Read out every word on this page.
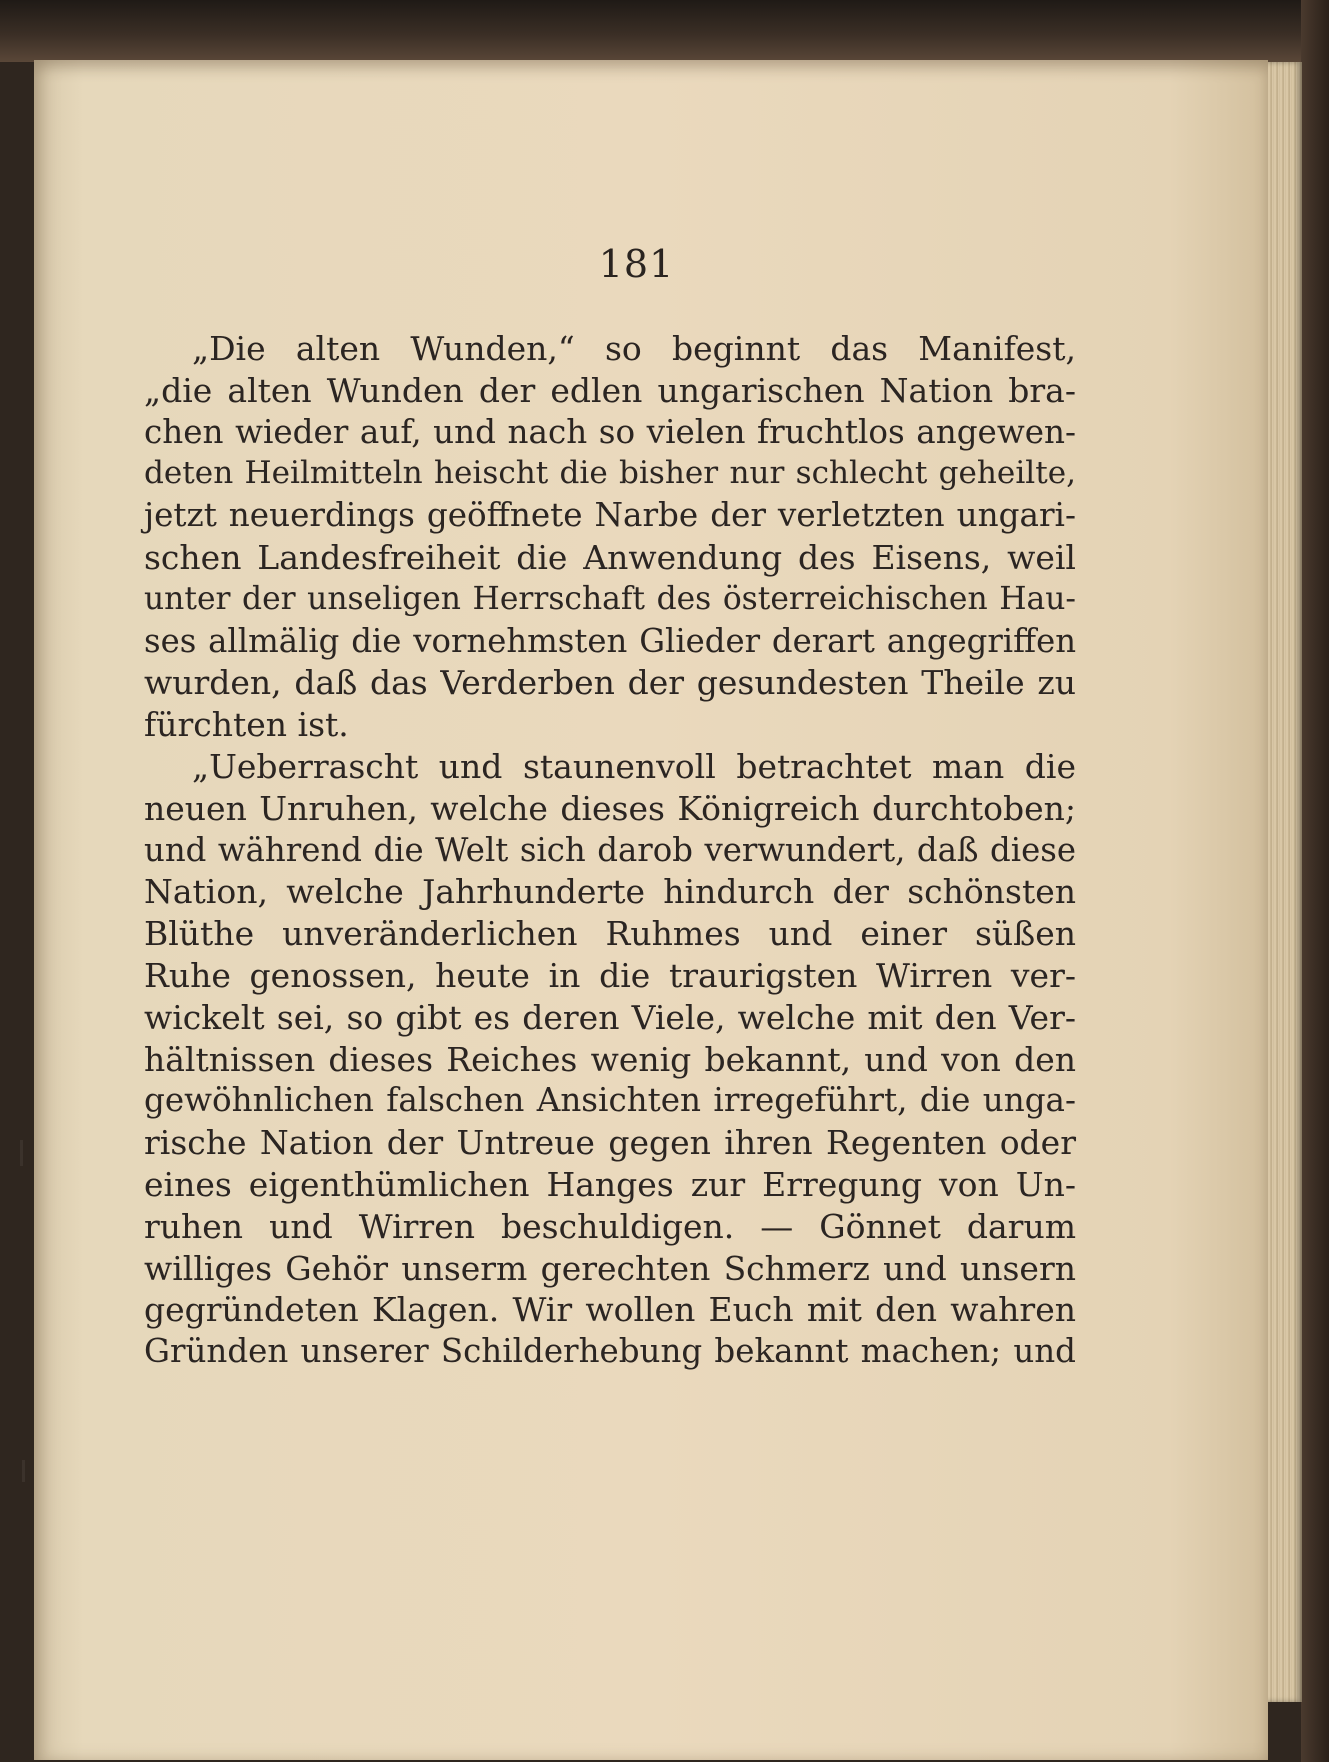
181
„Die alten Wunden,“ so beginnt das Manifest,
„die alten Wunden der edlen ungarischen Nation bra-
chen wieder auf, und nach so vielen fruchtlos angewen-
deten Heilmitteln heischt die bisher nur schlecht geheilte,
jetzt neuerdings geöffnete Narbe der verletzten ungari-
schen Landesfreiheit die Anwendung des Eisens, weil
unter der unseligen Herrschaft des österreichischen Hau-
ses allmälig die vornehmsten Glieder derart angegriffen
wurden, daß das Verderben der gesundesten Theile zu
fürchten ist.
„Ueberrascht und staunenvoll betrachtet man die
neuen Unruhen, welche dieses Königreich durchtoben;
und während die Welt sich darob verwundert, daß diese
Nation, welche Jahrhunderte hindurch der schönsten
Blüthe unveränderlichen Ruhmes und einer süßen
Ruhe genossen, heute in die traurigsten Wirren ver-
wickelt sei, so gibt es deren Viele, welche mit den Ver-
hältnissen dieses Reiches wenig bekannt, und von den
gewöhnlichen falschen Ansichten irregeführt, die unga-
rische Nation der Untreue gegen ihren Regenten oder
eines eigenthümlichen Hanges zur Erregung von Un-
ruhen und Wirren beschuldigen. — Gönnet darum
williges Gehör unserm gerechten Schmerz und unsern
gegründeten Klagen. Wir wollen Euch mit den wahren
Gründen unserer Schilderhebung bekannt machen; und
